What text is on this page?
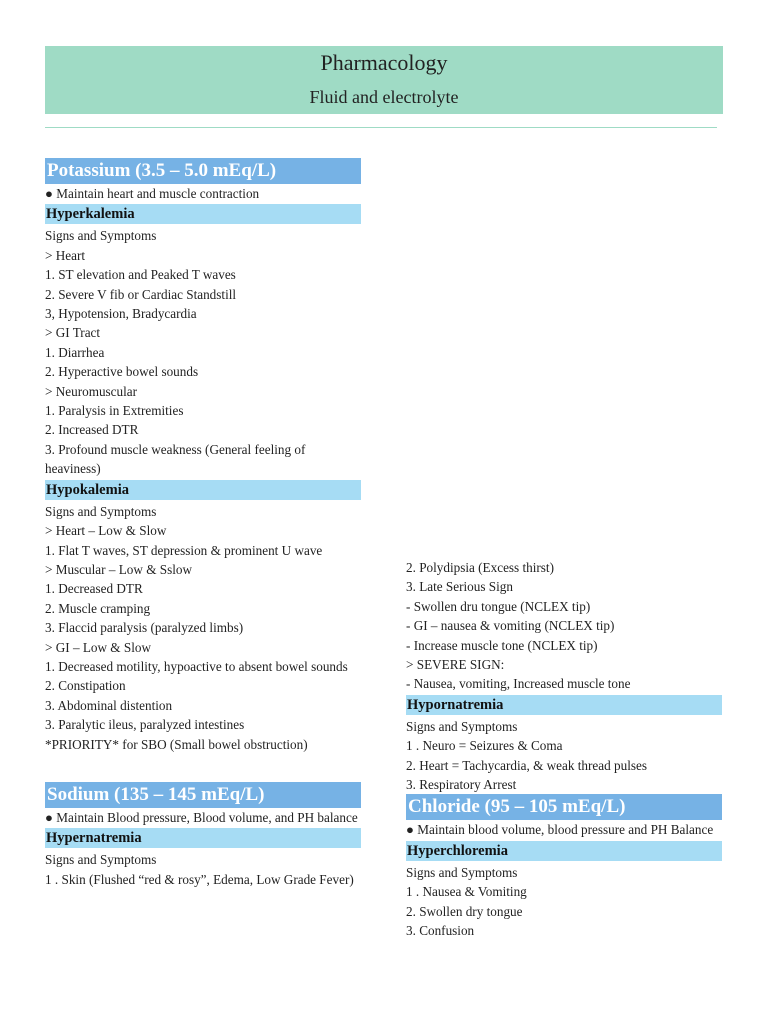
Pharmacology
Fluid and electrolyte
Potassium (3.5 – 5.0 mEq/L)
● Maintain heart and muscle contraction
Hyperkalemia
Signs and Symptoms
> Heart
1. ST elevation and Peaked T waves
2. Severe V fib or Cardiac Standstill
3, Hypotension, Bradycardia
> GI Tract
1. Diarrhea
2. Hyperactive bowel sounds
> Neuromuscular
1. Paralysis in Extremities
2. Increased DTR
3. Profound muscle weakness (General feeling of heaviness)
Hypokalemia
Signs and Symptoms
> Heart – Low & Slow
1. Flat T waves, ST depression & prominent U wave
> Muscular – Low & Sslow
1. Decreased DTR
2. Muscle cramping
3. Flaccid paralysis (paralyzed limbs)
> GI – Low & Slow
1. Decreased motility, hypoactive to absent bowel sounds
2. Constipation
3. Abdominal distention
3. Paralytic ileus, paralyzed intestines
*PRIORITY* for SBO (Small bowel obstruction)
Sodium (135 – 145 mEq/L)
● Maintain Blood pressure, Blood volume, and PH balance
Hypernatremia
Signs and Symptoms
1 . Skin (Flushed “red & rosy”, Edema, Low Grade Fever)
2. Polydipsia (Excess thirst)
3. Late Serious Sign
- Swollen dru tongue (NCLEX tip)
- GI – nausea & vomiting (NCLEX tip)
- Increase muscle tone (NCLEX tip)
> SEVERE SIGN:
- Nausea, vomiting, Increased muscle tone
Hypornatremia
Signs and Symptoms
1 . Neuro = Seizures & Coma
2. Heart = Tachycardia, & weak thread pulses
3. Respiratory Arrest
Chloride (95 – 105 mEq/L)
● Maintain blood volume, blood pressure and PH Balance
Hyperchloremia
Signs and Symptoms
1 . Nausea & Vomiting
2. Swollen dry tongue
3. Confusion
